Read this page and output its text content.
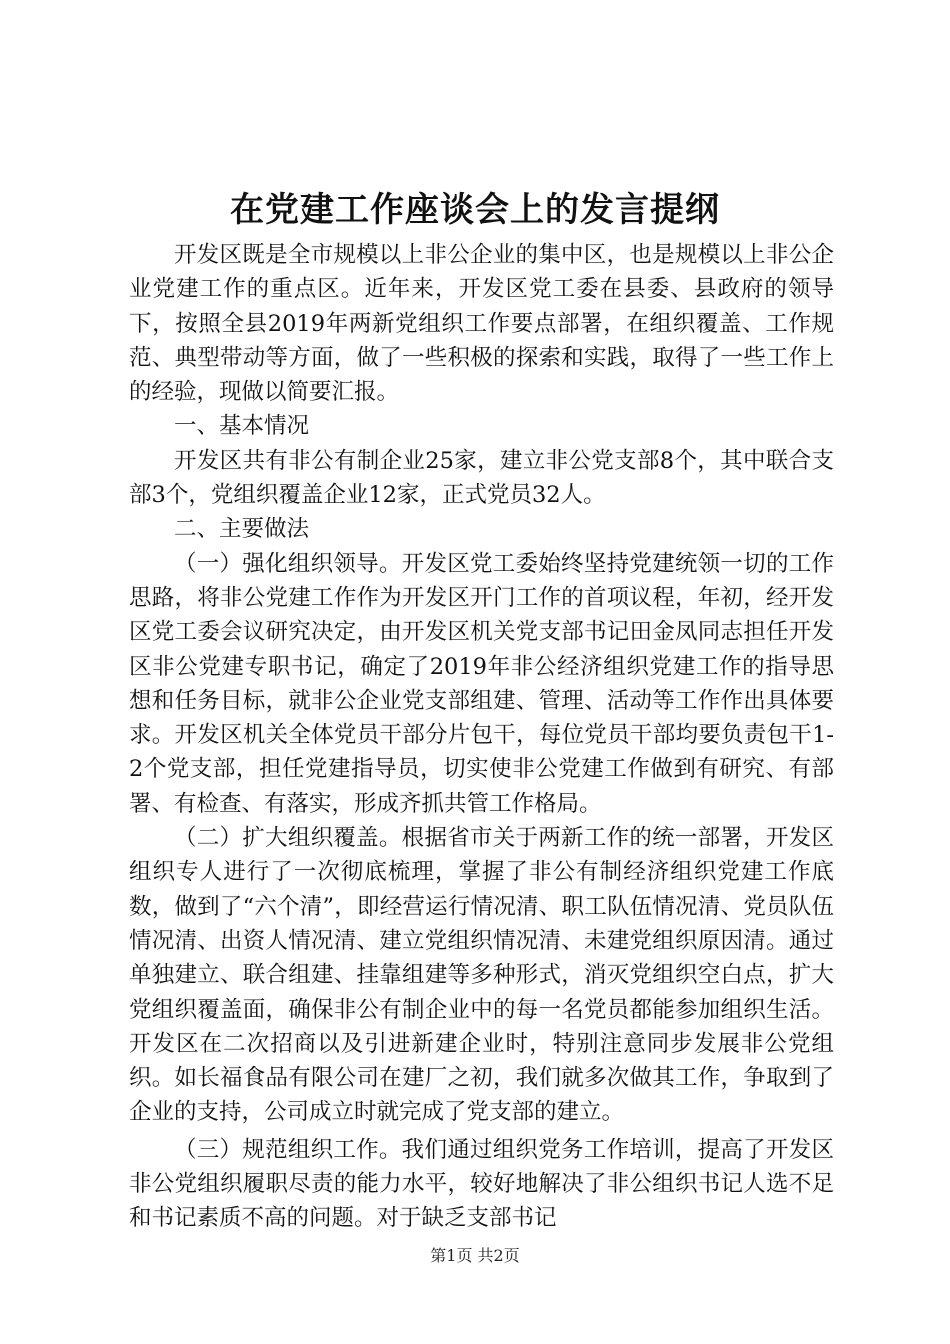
在党建工作座谈会上的发言提纲

开发区既是全市规模以上非公企业的集中区，也是规模以上非公企业党建工作的重点区。近年来，开发区党工委在县委、县政府的领导下，按照全县2019年两新党组织工作要点部署，在组织覆盖、工作规范、典型带动等方面，做了一些积极的探索和实践，取得了一些工作上的经验，现做以简要汇报。

一、基本情况

开发区共有非公有制企业25家，建立非公党支部8个，其中联合支部3个，党组织覆盖企业12家，正式党员32人。

二、主要做法

（一）强化组织领导。开发区党工委始终坚持党建统领一切的工作思路，将非公党建工作作为开发区开门工作的首项议程，年初，经开发区党工委会议研究决定，由开发区机关党支部书记田金凤同志担任开发区非公党建专职书记，确定了2019年非公经济组织党建工作的指导思想和任务目标，就非公企业党支部组建、管理、活动等工作作出具体要求。开发区机关全体党员干部分片包干，每位党员干部均要负责包干1-2个党支部，担任党建指导员，切实使非公党建工作做到有研究、有部署、有检查、有落实，形成齐抓共管工作格局。

（二）扩大组织覆盖。根据省市关于两新工作的统一部署，开发区组织专人进行了一次彻底梳理，掌握了非公有制经济组织党建工作底数，做到了“六个清”，即经营运行情况清、职工队伍情况清、党员队伍情况清、出资人情况清、建立党组织情况清、未建党组织原因清。通过单独建立、联合组建、挂靠组建等多种形式，消灭党组织空白点，扩大党组织覆盖面，确保非公有制企业中的每一名党员都能参加组织生活。开发区在二次招商以及引进新建企业时，特别注意同步发展非公党组织。如长福食品有限公司在建厂之初，我们就多次做其工作，争取到了企业的支持，公司成立时就完成了党支部的建立。

（三）规范组织工作。我们通过组织党务工作培训，提高了开发区非公党组织履职尽责的能力水平，较好地解决了非公组织书记人选不足和书记素质不高的问题。对于缺乏支部书记

第1页 共2页
